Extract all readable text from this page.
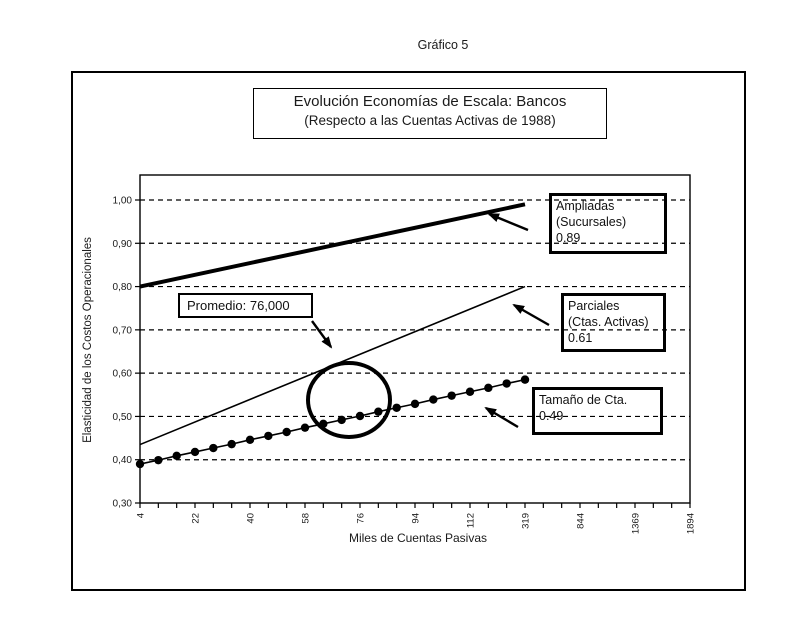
Gráfico 5
1,00
0,90
0,80
0,70
0,60
0,50
0,40
0,30
4	22	40	58	76	94	112	319	844	1369	1894
Evolución Economías de Escala: Bancos
(Respecto a las Cuentas Activas de 1988)
Elasticidad de los Costos Operacionales
Miles de Cuentas Pasivas
Promedio: 76,000
Ampliadas
(Sucursales)
0.89
Parciales
(Ctas. Activas)
0.61
Tamaño de Cta.
0.49
